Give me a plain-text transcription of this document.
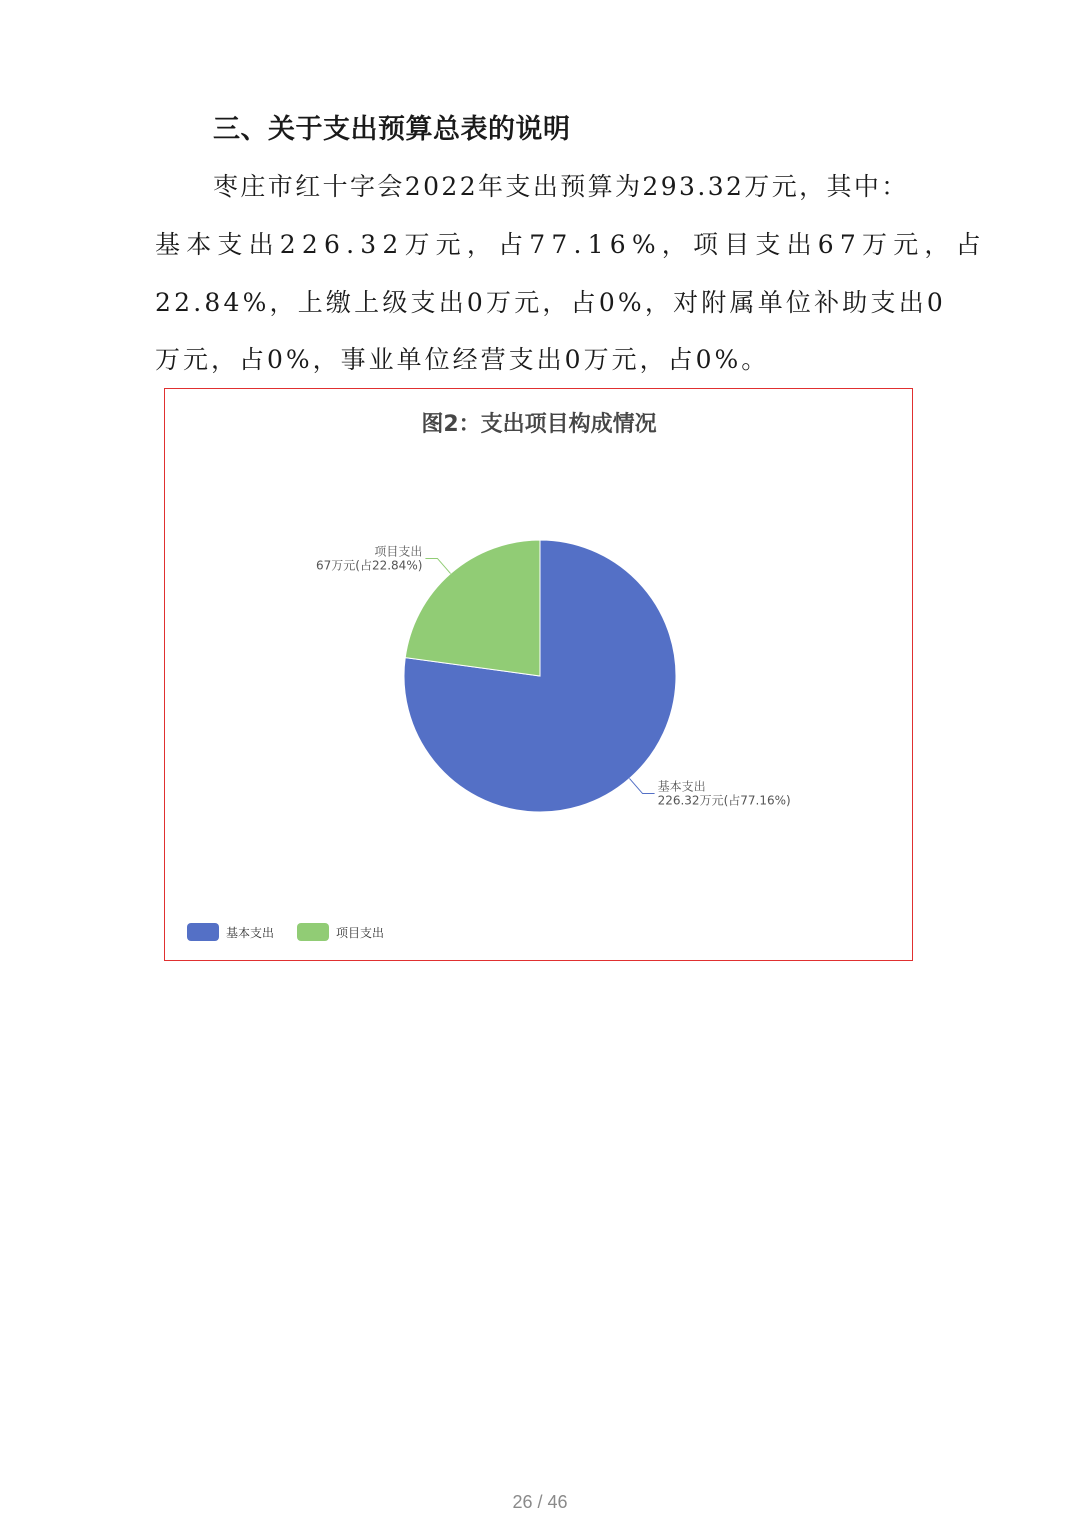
三、关于支出预算总表的说明

枣庄市红十字会2022年支出预算为293.32万元，其中：

基本支出226.32万元，占77.16%，项目支出67万元，占

22.84%，上缴上级支出0万元，占0%，对附属单位补助支出0

万元，占0%，事业单位经营支出0万元，占0%。

图2：支出项目构成情况
基本支出
226.32万元(占77.16%)
项目支出
67万元(占22.84%)
基本支出	项目支出
26 / 46
